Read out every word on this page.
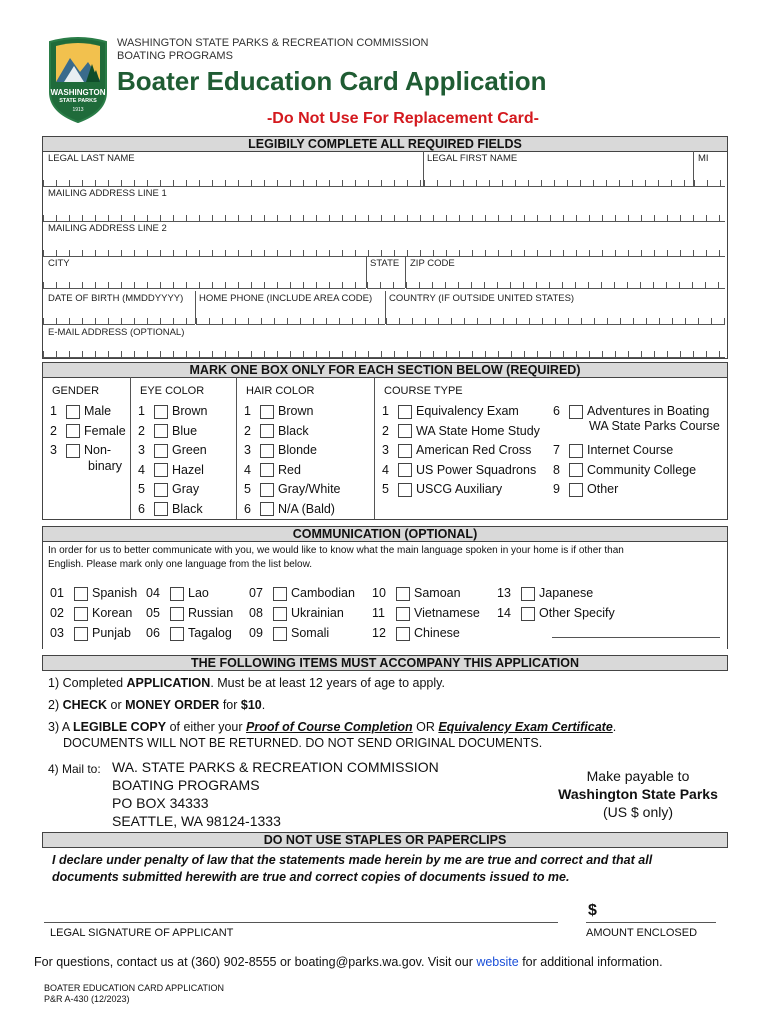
WASHINGTON
STATE PARKS
1913
WASHINGTON STATE PARKS & RECREATION COMMISSION
BOATING PROGRAMS
Boater Education Card Application
-Do Not Use For Replacement Card-
LEGIBILY COMPLETE ALL REQUIRED FIELDS
LEGAL LAST NAME	LEGAL FIRST NAME	MI
MAILING ADDRESS LINE 1
MAILING ADDRESS LINE 2
CITY	STATE ZIP CODE
DATE OF BIRTH (MMDDYYYY) HOME PHONE (INCLUDE AREA CODE) COUNTRY (IF OUTSIDE UNITED STATES)
E-MAIL ADDRESS (OPTIONAL)
MARK ONE BOX ONLY FOR EACH SECTION BELOW (REQUIRED)
GENDER	EYE COLOR	HAIR COLOR	COURSE TYPE
1 Male
2 Female
3 Non-
binary
1 Brown
2 Blue
3 Green
4 Hazel
5 Gray
6 Black
1 Brown
2 Black
3 Blonde
4 Red
5 Gray/White
6 N/A (Bald)
1 Equivalency Exam
2 WA State Home Study
3 American Red Cross
4 US Power Squadrons
5 USCG Auxiliary
6 Adventures in Boating
7 Internet Course
8 Community College
9 Other
WA State Parks Course
COMMUNICATION (OPTIONAL)
In order for us to better communicate with you, we would like to know what the main language spoken in your home is if other than
English. Please mark only one language from the list below.
01 Spanish
02 Korean
03 Punjab
04 Lao
05 Russian
06 Tagalog
07 Cambodian
08 Ukrainian
09 Somali
10 Samoan
11 Vietnamese
12 Chinese
13 Japanese
14 Other Specify
THE FOLLOWING ITEMS MUST ACCOMPANY THIS APPLICATION
1) Completed APPLICATION. Must be at least 12 years of age to apply.
2) CHECK or MONEY ORDER for $10.
3) A LEGIBLE COPY of either your Proof of Course Completion OR Equivalency Exam Certificate.
DOCUMENTS WILL NOT BE RETURNED. DO NOT SEND ORIGINAL DOCUMENTS.
4) Mail to: WA. STATE PARKS & RECREATION COMMISSION
BOATING PROGRAMS
PO BOX 34333
SEATTLE, WA 98124-1333
Make payable to
Washington State Parks
(US $ only)
DO NOT USE STAPLES OR PAPERCLIPS
I declare under penalty of law that the statements made herein by me are true and correct and that all
documents submitted herewith are true and correct copies of documents issued to me.
LEGAL SIGNATURE OF APPLICANT
$
AMOUNT ENCLOSED
For questions, contact us at (360) 902-8555 or boating@parks.wa.gov. Visit our website for additional information.
BOATER EDUCATION CARD APPLICATION
P&R A-430 (12/2023)
